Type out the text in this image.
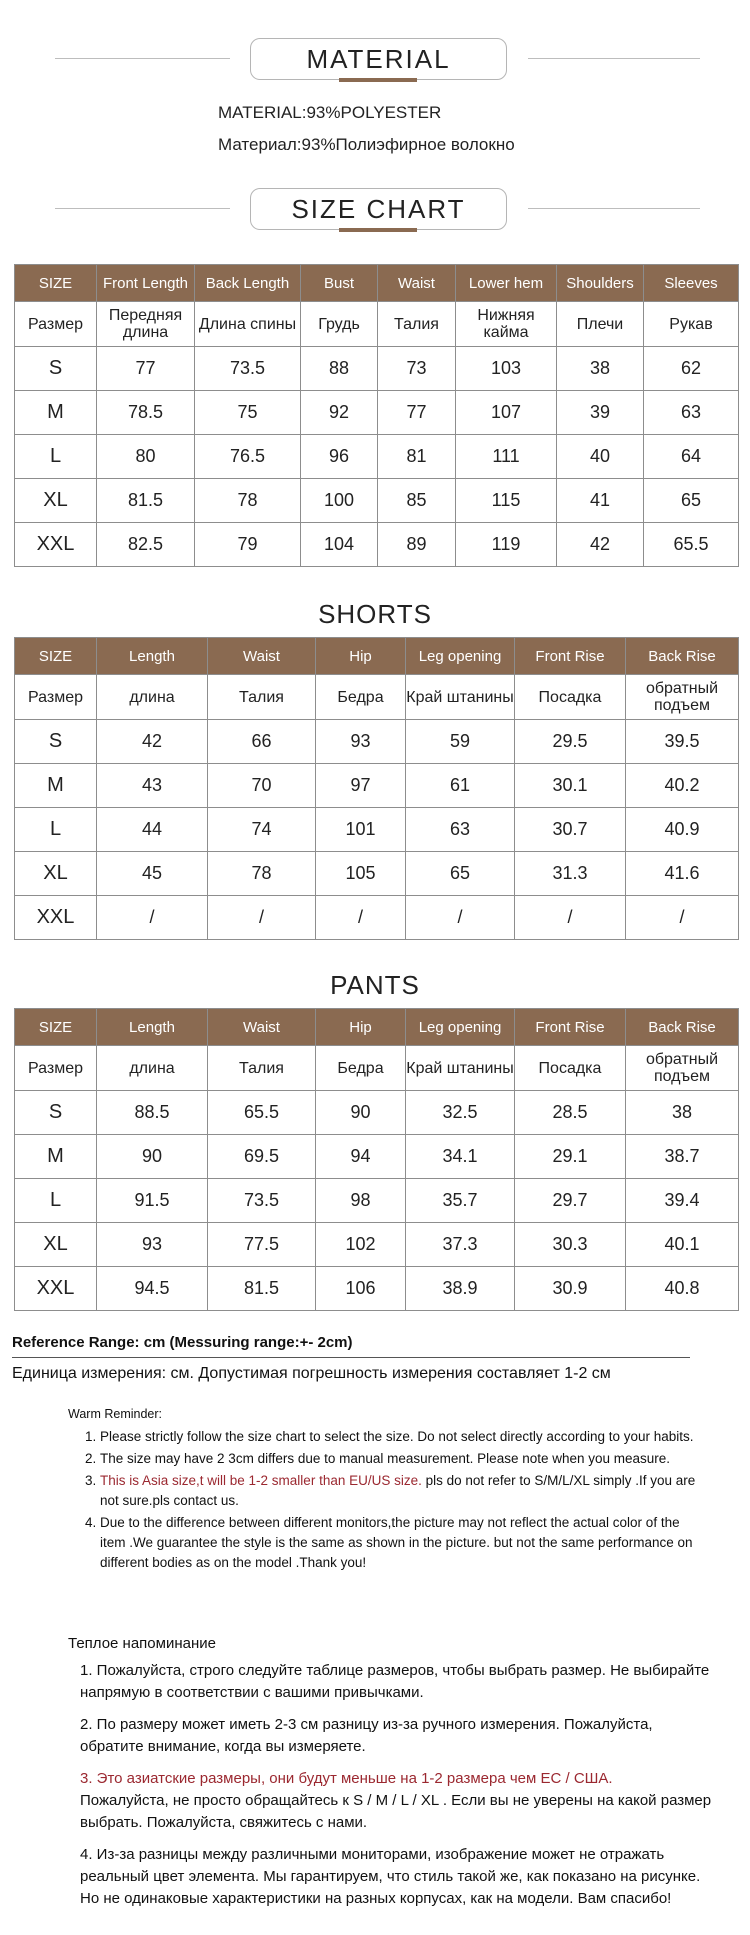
MATERIAL
MATERIAL:93%POLYESTER
Материал:93%Полиэфирное волокно
SIZE CHART
SIZE	Front Length	Back Length	Bust	Waist	Lower hem	Shoulders	Sleeves
Размер	Передняя длина	Длина спины	Грудь	Талия	Нижняя кайма	Плечи	Рукав
S	77	73.5	88	73	103	38	62
M	78.5	75	92	77	107	39	63
L	80	76.5	96	81	111	40	64
XL	81.5	78	100	85	115	41	65
XXL	82.5	79	104	89	119	42	65.5
SHORTS
SIZE	Length	Waist	Hip	Leg opening	Front Rise	Back Rise
Размер	длина	Талия	Бедра	Край штанины	Посадка	обратный подъем
S	42	66	93	59	29.5	39.5
M	43	70	97	61	30.1	40.2
L	44	74	101	63	30.7	40.9
XL	45	78	105	65	31.3	41.6
XXL	/	/	/	/	/	/
PANTS
SIZE	Length	Waist	Hip	Leg opening	Front Rise	Back Rise
Размер	длина	Талия	Бедра	Край штанины	Посадка	обратный подъем
S	88.5	65.5	90	32.5	28.5	38
M	90	69.5	94	34.1	29.1	38.7
L	91.5	73.5	98	35.7	29.7	39.4
XL	93	77.5	102	37.3	30.3	40.1
XXL	94.5	81.5	106	38.9	30.9	40.8
Reference Range: cm (Messuring range:+- 2cm)
Единица измерения: см. Допустимая погрешность измерения составляет 1-2 см
Warm Reminder:
1. Please strictly follow the size chart to select the size. Do not select directly according to your habits.
2. The size may have 2 3cm differs due to manual measurement. Please note when you measure.
3. This is Asia size,t will be 1-2 smaller than EU/US size. pls do not refer to S/M/L/XL simply .If you are not sure.pls contact us.
4. Due to the difference between different monitors,the picture may not reflect the actual color of the item .We guarantee the style is the same as shown in the picture. but not the same performance on different bodies as on the model .Thank you!
Теплое напоминание

1. Пожалуйста, строго следуйте таблице размеров, чтобы выбрать размер. Не выбирайте напрямую в соответствии с вашими привычками.

2. По размеру может иметь 2-3 см разницу из-за ручного измерения. Пожалуйста, обратите внимание, когда вы измеряете.

3. Это азиатские размеры, они будут меньше на 1-2 размера чем ЕС / США.
Пожалуйста, не просто обращайтесь к S / M / L / XL . Если вы не уверены на какой размер выбрать. Пожалуйста, свяжитесь с нами.

4. Из-за разницы между различными мониторами, изображение может не отражать реальный цвет элемента. Мы гарантируем, что стиль такой же, как показано на рисунке. Но не одинаковые характеристики на разных корпусах, как на модели. Вам спасибо!
